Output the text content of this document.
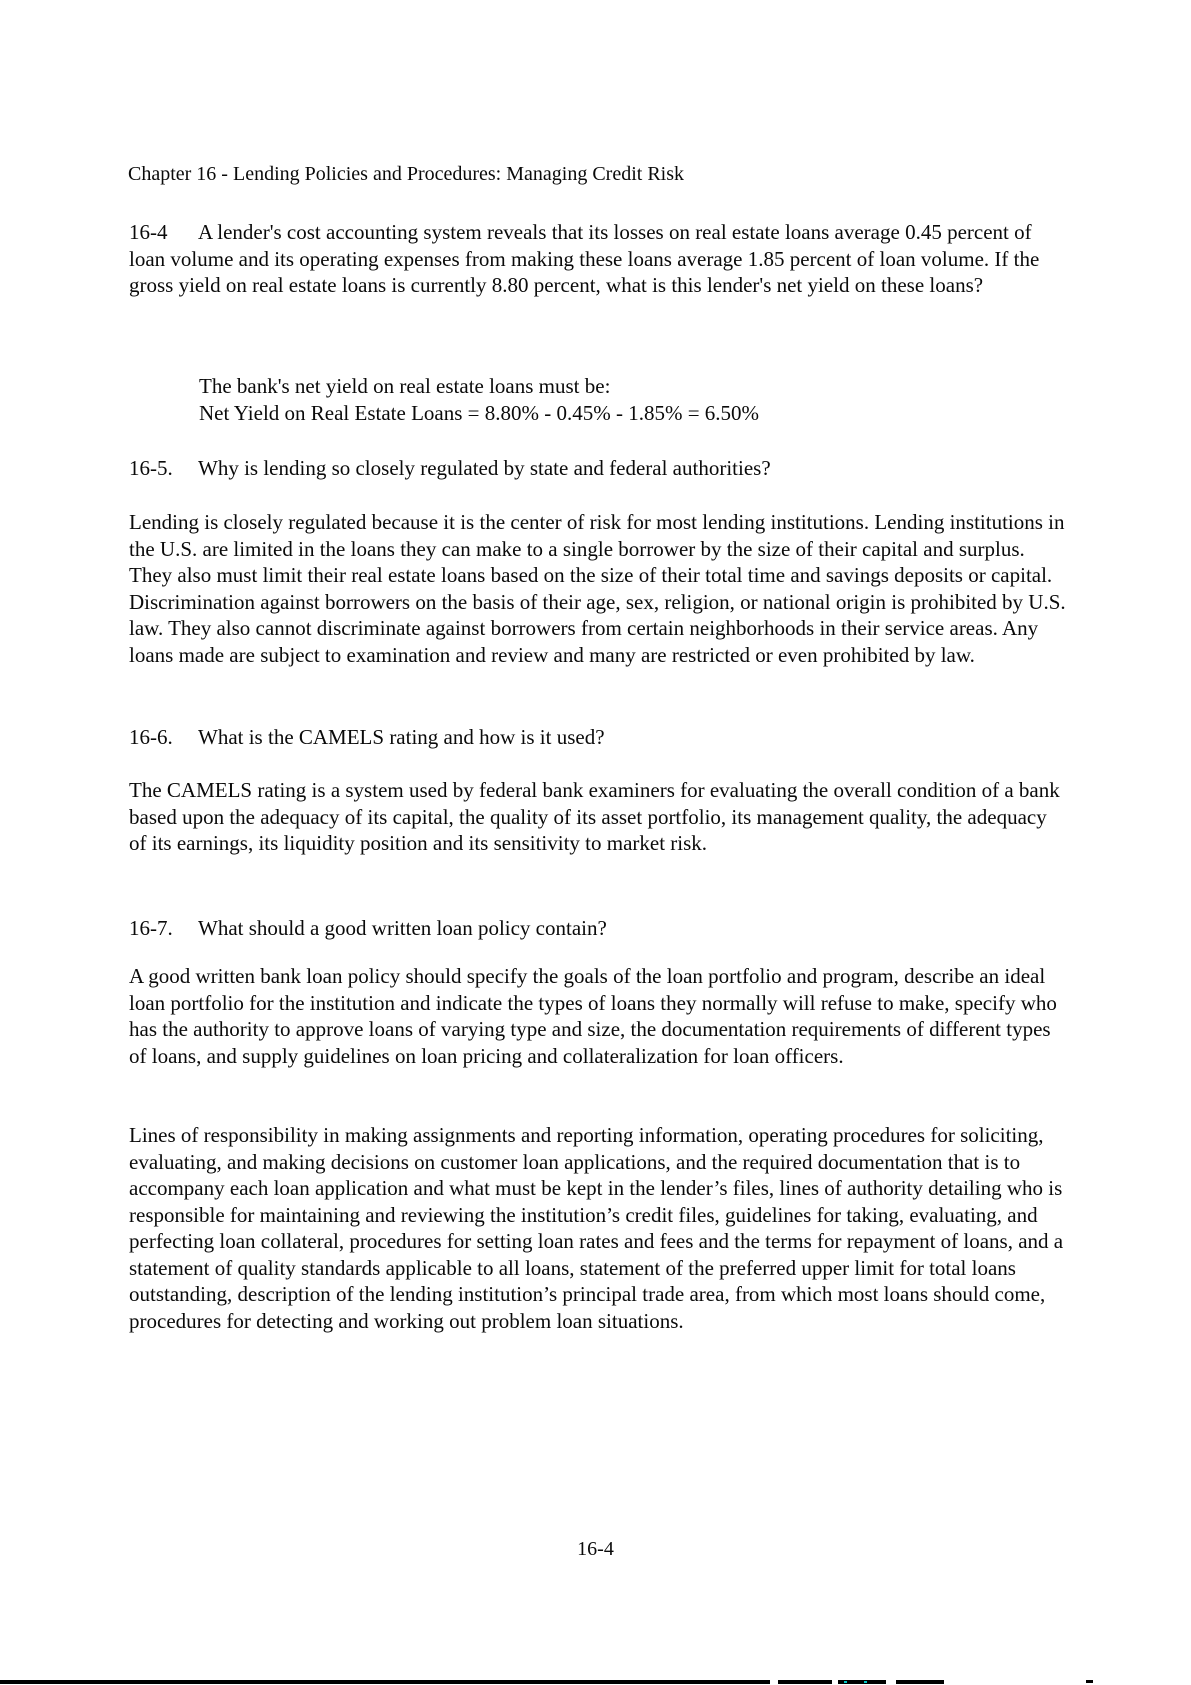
Chapter 16 - Lending Policies and Procedures: Managing Credit Risk
16-4 A lender's cost accounting system reveals that its losses on real estate loans average 0.45 percent of loan volume and its operating expenses from making these loans average 1.85 percent of loan volume. If the gross yield on real estate loans is currently 8.80 percent, what is this lender's net yield on these loans?
The bank's net yield on real estate loans must be:
Net Yield on Real Estate Loans = 8.80% - 0.45% - 1.85% = 6.50%
16-5. Why is lending so closely regulated by state and federal authorities?
Lending is closely regulated because it is the center of risk for most lending institutions. Lending institutions in the U.S. are limited in the loans they can make to a single borrower by the size of their capital and surplus. They also must limit their real estate loans based on the size of their total time and savings deposits or capital. Discrimination against borrowers on the basis of their age, sex, religion, or national origin is prohibited by U.S. law. They also cannot discriminate against borrowers from certain neighborhoods in their service areas. Any loans made are subject to examination and review and many are restricted or even prohibited by law.
16-6. What is the CAMELS rating and how is it used?
The CAMELS rating is a system used by federal bank examiners for evaluating the overall condition of a bank based upon the adequacy of its capital, the quality of its asset portfolio, its management quality, the adequacy of its earnings, its liquidity position and its sensitivity to market risk.
16-7. What should a good written loan policy contain?
A good written bank loan policy should specify the goals of the loan portfolio and program, describe an ideal loan portfolio for the institution and indicate the types of loans they normally will refuse to make, specify who has the authority to approve loans of varying type and size, the documentation requirements of different types of loans, and supply guidelines on loan pricing and collateralization for loan officers.
Lines of responsibility in making assignments and reporting information, operating procedures for soliciting, evaluating, and making decisions on customer loan applications, and the required documentation that is to accompany each loan application and what must be kept in the lender’s files, lines of authority detailing who is responsible for maintaining and reviewing the institution’s credit files, guidelines for taking, evaluating, and perfecting loan collateral, procedures for setting loan rates and fees and the terms for repayment of loans, and a statement of quality standards applicable to all loans, statement of the preferred upper limit for total loans outstanding, description of the lending institution’s principal trade area, from which most loans should come, procedures for detecting and working out problem loan situations.
16-4
